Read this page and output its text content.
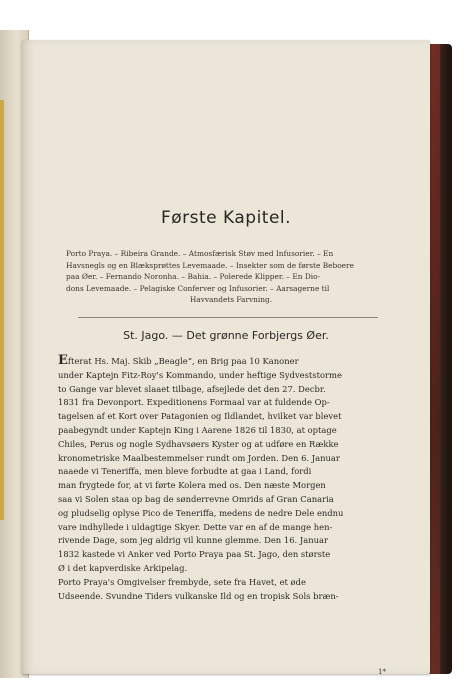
Første Kapitel.
Porto Praya. – Ribeira Grande. – Atmosfærisk Støv med Infusorier. – En
Havsnegls og en Blæksprøttes Levemaade. – Insekter som de første Beboere
paa Øer. – Fernando Noronha. – Bahia. – Polerede Klipper. – En Dio-
dons Levemaade. – Pelagiske Conferver og Infusorier. – Aarsagerne til
Havvandets Farvning.
St. Jago. — Det grønne Forbjergs Øer.
Efterat Hs. Maj. Skib „Beagle“, en Brig paa 10 Kanoner
under Kaptejn Fitz-Roy's Kommando, under heftige Sydveststorme
to Gange var blevet slaaet tilbage, afsejlede det den 27. Decbr.
1831 fra Devonport. Expeditionens Formaal var at fuldende Op-
tagelsen af et Kort over Patagonien og Ildlandet, hvilket var blevet
paabegyndt under Kaptejn King i Aarene 1826 til 1830, at optage
Chiles, Perus og nogle Sydhavsøers Kyster og at udføre en Række
kronometriske Maalbestemmelser rundt om Jorden. Den 6. Januar
naaede vi Teneriffa, men bleve forbudte at gaa i Land, fordi
man frygtede for, at vi førte Kolera med os. Den næste Morgen
saa vi Solen staa op bag de sønderrevne Omrids af Gran Canaria
og pludselig oplyse Pico de Teneriffa, medens de nedre Dele endnu
vare indhyllede i uldagtige Skyer. Dette var en af de mange hen-
rivende Dage, som jeg aldrig vil kunne glemme. Den 16. Januar
1832 kastede vi Anker ved Porto Praya paa St. Jago, den største
Ø i det kapverdiske Arkipelag.
Porto Praya's Omgivelser frembyde, sete fra Havet, et øde
Udseende. Svundne Tiders vulkanske Ild og en tropisk Sols bræn-
1*
